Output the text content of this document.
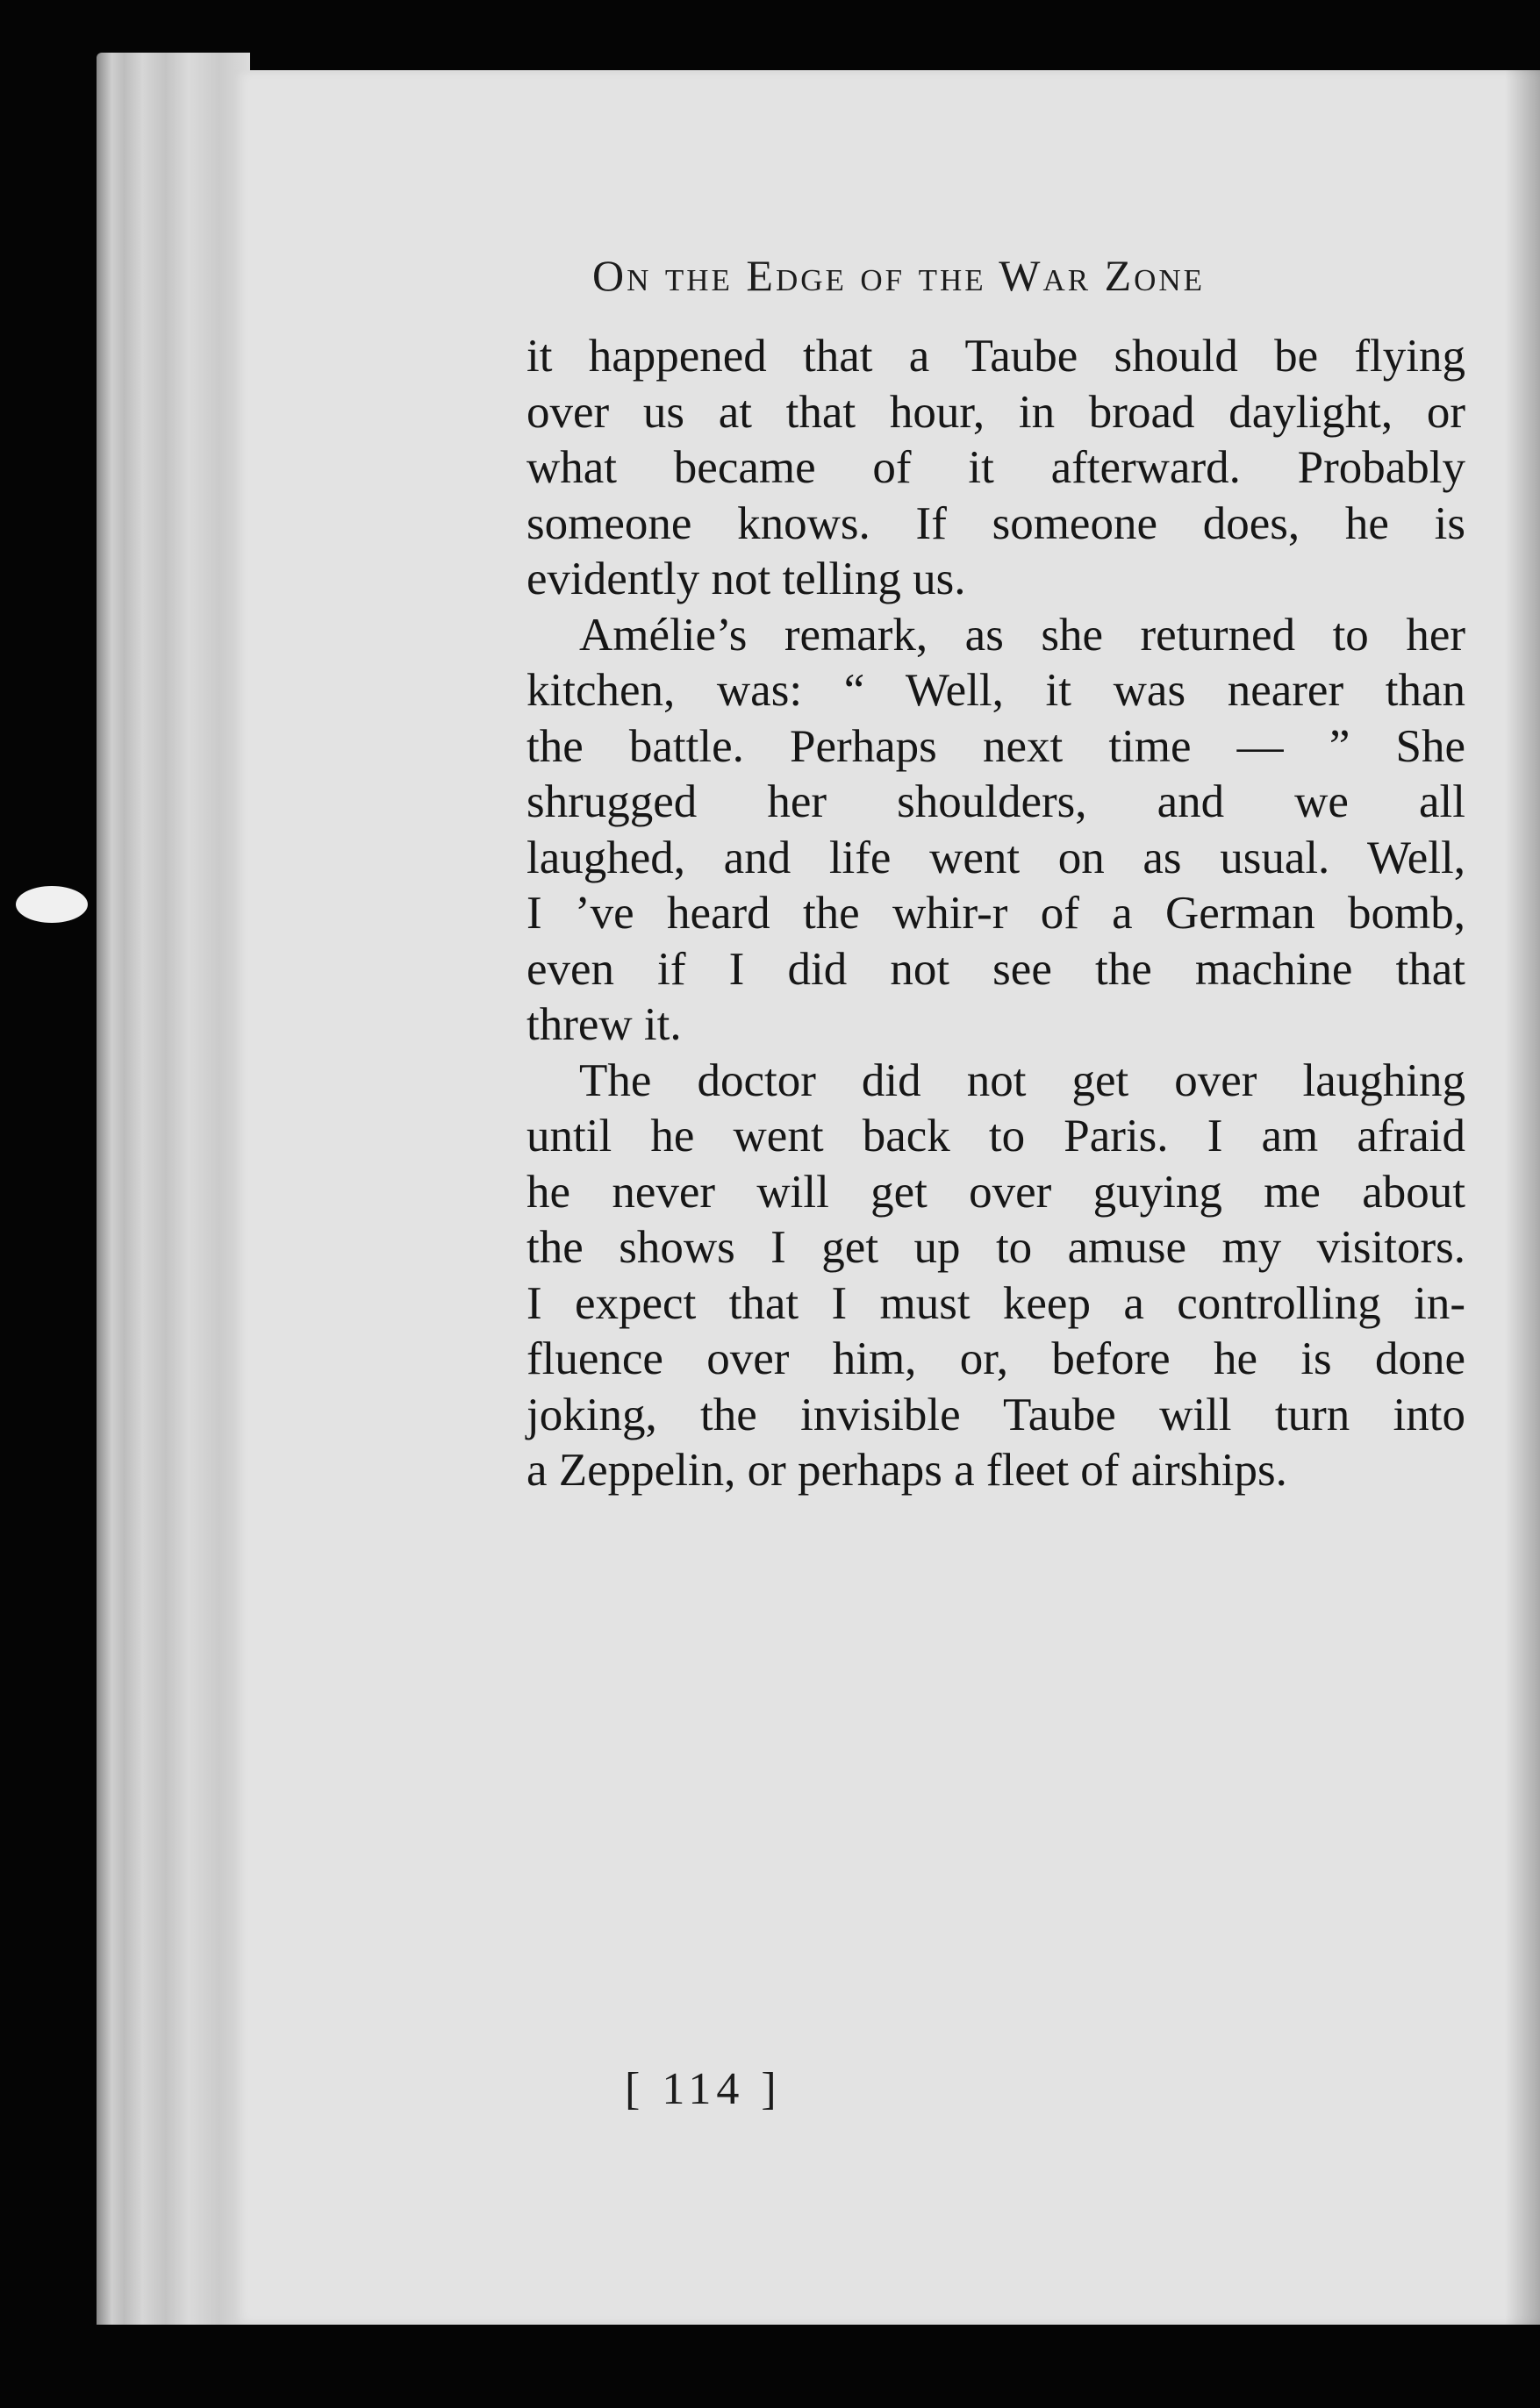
On the Edge of the War Zone
it happened that a Taube should be flying
over us at that hour, in broad daylight, or
what became of it afterward. Probably
someone knows. If someone does, he is
evidently not telling us.
Amélie’s remark, as she returned to her
kitchen, was: “ Well, it was nearer than
the battle. Perhaps next time — ” She
shrugged her shoulders, and we all
laughed, and life went on as usual. Well,
I ’ve heard the whir-r of a German bomb,
even if I did not see the machine that
threw it.
The doctor did not get over laughing
until he went back to Paris. I am afraid
he never will get over guying me about
the shows I get up to amuse my visitors.
I expect that I must keep a controlling in-
fluence over him, or, before he is done
joking, the invisible Taube will turn into
a Zeppelin, or perhaps a fleet of airships.
[ 114 ]
